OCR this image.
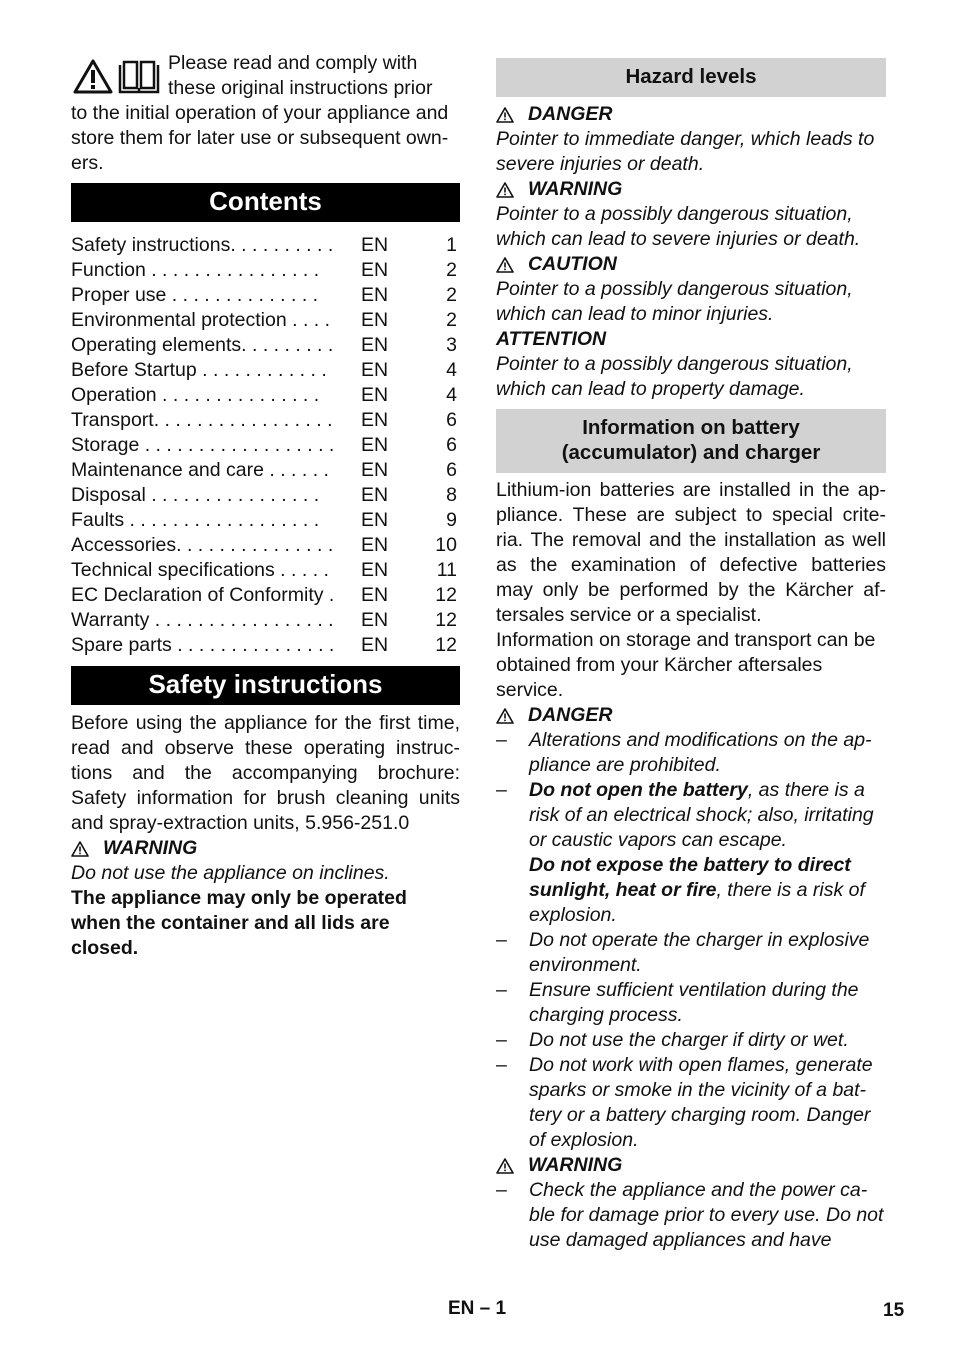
Please read and comply with

these original instructions prior

to the initial operation of your appliance and

store them for later use or subsequent own-

ers.

Contents
Safety instructions. . . . . . . . . .	EN	1
Function . . . . . . . . . . . . . . . .	EN	2
Proper use . . . . . . . . . . . . . .	EN	2
Environmental protection . . . .	EN	2
Operating elements. . . . . . . . .	EN	3
Before Startup . . . . . . . . . . . .	EN	4
Operation . . . . . . . . . . . . . . .	EN	4
Transport. . . . . . . . . . . . . . . . .	EN	6
Storage . . . . . . . . . . . . . . . . . .	EN	6
Maintenance and care . . . . . .	EN	6
Disposal . . . . . . . . . . . . . . . .	EN	8
Faults . . . . . . . . . . . . . . . . . .	EN	9
Accessories. . . . . . . . . . . . . . .	EN	10
Technical specifications . . . . .	EN	11
EC Declaration of Conformity .	EN	12
Warranty . . . . . . . . . . . . . . . . .	EN	12
Spare parts . . . . . . . . . . . . . . .	EN	12
Safety instructions

Before using the appliance for the first time, read and observe these operating instruc- tions and the accompanying brochure: Safety information for brush cleaning units and spray-extraction units, 5.956-251.0

WARNING

Do not use the appliance on inclines.

The appliance may only be operated when the container and all lids are closed.

Hazard levels
DANGER

Pointer to immediate danger, which leads to severe injuries or death.

WARNING

Pointer to a possibly dangerous situation, which can lead to severe injuries or death.

CAUTION

Pointer to a possibly dangerous situation, which can lead to minor injuries.

ATTENTION

Pointer to a possibly dangerous situation, which can lead to property damage.

Information on battery
(accumulator) and charger

Lithium-ion batteries are installed in the ap- pliance. These are subject to special crite- ria. The removal and the installation as well as the examination of defective batteries may only be performed by the Kärcher af- tersales service or a specialist.

Information on storage and transport can be obtained from your Kärcher aftersales service.

DANGER
– Alterations and modifications on the ap- pliance are prohibited.
– Do not open the battery, as there is a risk of an electrical shock; also, irritating or caustic vapors can escape.
Do not expose the battery to direct sunlight, heat or fire, there is a risk of explosion.
– Do not operate the charger in explosive environment.
– Ensure sufficient ventilation during the charging process.
– Do not use the charger if dirty or wet.
– Do not work with open flames, generate sparks or smoke in the vicinity of a bat- tery or a battery charging room. Danger of explosion.
WARNING
– Check the appliance and the power ca- ble for damage prior to every use. Do not use damaged appliances and have
EN – 1	15
